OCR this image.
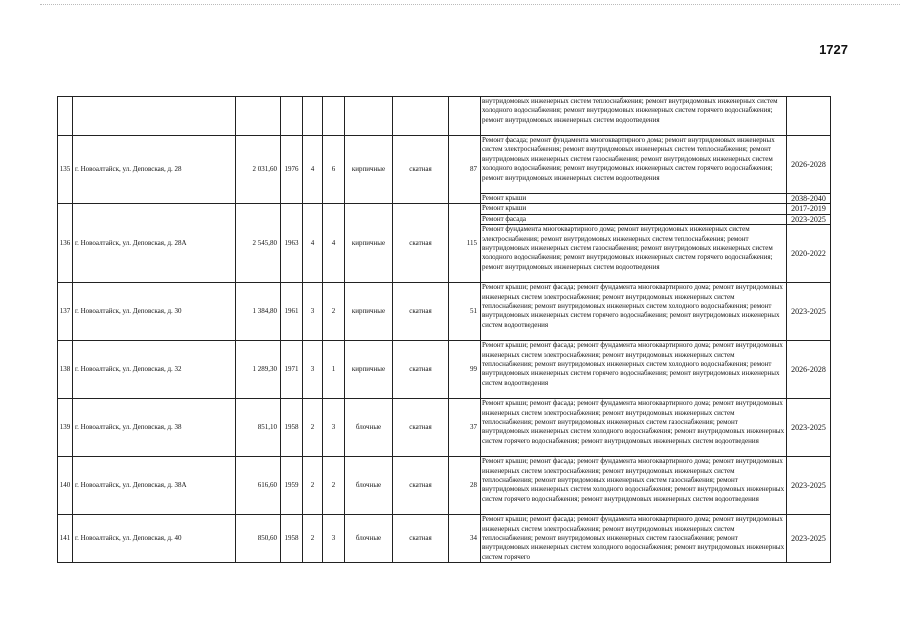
1727
									внутридомовых инженерных систем теплоснабжения; ремонт внутридомовых инженерных систем холодного водоснабжения; ремонт внутридомовых инженерных систем горячего водоснабжения; ремонт внутридомовых инженерных систем водоотведения		
135	г. Новоалтайск, ул. Деповская, д. 28	2 031,60	1976	4	6	кирпичные	скатная	87	Ремонт фасада; ремонт фундамента многоквартирного дома; ремонт внутридомовых инженерных систем электроснабжения; ремонт внутридомовых инженерных систем теплоснабжения; ремонт внутридомовых инженерных систем газоснабжения; ремонт внутридомовых инженерных систем холодного водоснабжения; ремонт внутридомовых инженерных систем горячего водоснабжения; ремонт внутридомовых инженерных систем водоотведения	2026-2028	
									Ремонт крыши	2038-2040	
136	г. Новоалтайск, ул. Деповская, д. 28А	2 545,80	1963	4	4	кирпичные	скатная	115	Ремонт крыши	2017-2019	
									Ремонт фасада	2023-2025	
									Ремонт фундамента многоквартирного дома; ремонт внутридомовых инженерных систем электроснабжения; ремонт внутридомовых инженерных систем теплоснабжения; ремонт внутридомовых инженерных систем газоснабжения; ремонт внутридомовых инженерных систем холодного водоснабжения; ремонт внутридомовых инженерных систем горячего водоснабжения; ремонт внутридомовых инженерных систем водоотведения	2020-2022	
137	г. Новоалтайск, ул. Деповская, д. 30	1 384,80	1961	3	2	кирпичные	скатная	51	Ремонт крыши; ремонт фасада; ремонт фундамента многоквартирного дома; ремонт внутридомовых инженерных систем электроснабжения; ремонт внутридомовых инженерных систем теплоснабжения; ремонт внутридомовых инженерных систем холодного водоснабжения; ремонт внутридомовых инженерных систем горячего водоснабжения; ремонт внутридомовых инженерных систем водоотведения	2023-2025	
138	г. Новоалтайск, ул. Деповская, д. 32	1 289,30	1971	3	1	кирпичные	скатная	99	Ремонт крыши; ремонт фасада; ремонт фундамента многоквартирного дома; ремонт внутридомовых инженерных систем электроснабжения; ремонт внутридомовых инженерных систем теплоснабжения; ремонт внутридомовых инженерных систем холодного водоснабжения; ремонт внутридомовых инженерных систем горячего водоснабжения; ремонт внутридомовых инженерных систем водоотведения	2026-2028	
139	г. Новоалтайск, ул. Деповская, д. 38	851,10	1958	2	3	блочные	скатная	37	Ремонт крыши; ремонт фасада; ремонт фундамента многоквартирного дома; ремонт внутридомовых инженерных систем электроснабжения; ремонт внутридомовых инженерных систем теплоснабжения; ремонт внутридомовых инженерных систем газоснабжения; ремонт внутридомовых инженерных систем холодного водоснабжения; ремонт внутридомовых инженерных систем горячего водоснабжения; ремонт внутридомовых инженерных систем водоотведения	2023-2025	
140	г. Новоалтайск, ул. Деповская, д. 38А	616,60	1959	2	2	блочные	скатная	28	Ремонт крыши; ремонт фасада; ремонт фундамента многоквартирного дома; ремонт внутридомовых инженерных систем электроснабжения; ремонт внутридомовых инженерных систем теплоснабжения; ремонт внутридомовых инженерных систем газоснабжения; ремонт внутридомовых инженерных систем холодного водоснабжения; ремонт внутридомовых инженерных систем горячего водоснабжения; ремонт внутридомовых инженерных систем водоотведения	2023-2025	
141	г. Новоалтайск, ул. Деповская, д. 40	850,60	1958	2	3	блочные	скатная	34	Ремонт крыши; ремонт фасада; ремонт фундамента многоквартирного дома; ремонт внутридомовых инженерных систем электроснабжения; ремонт внутридомовых инженерных систем теплоснабжения; ремонт внутридомовых инженерных систем газоснабжения; ремонт внутридомовых инженерных систем холодного водоснабжения; ремонт внутридомовых инженерных систем горячего	2023-2025	
